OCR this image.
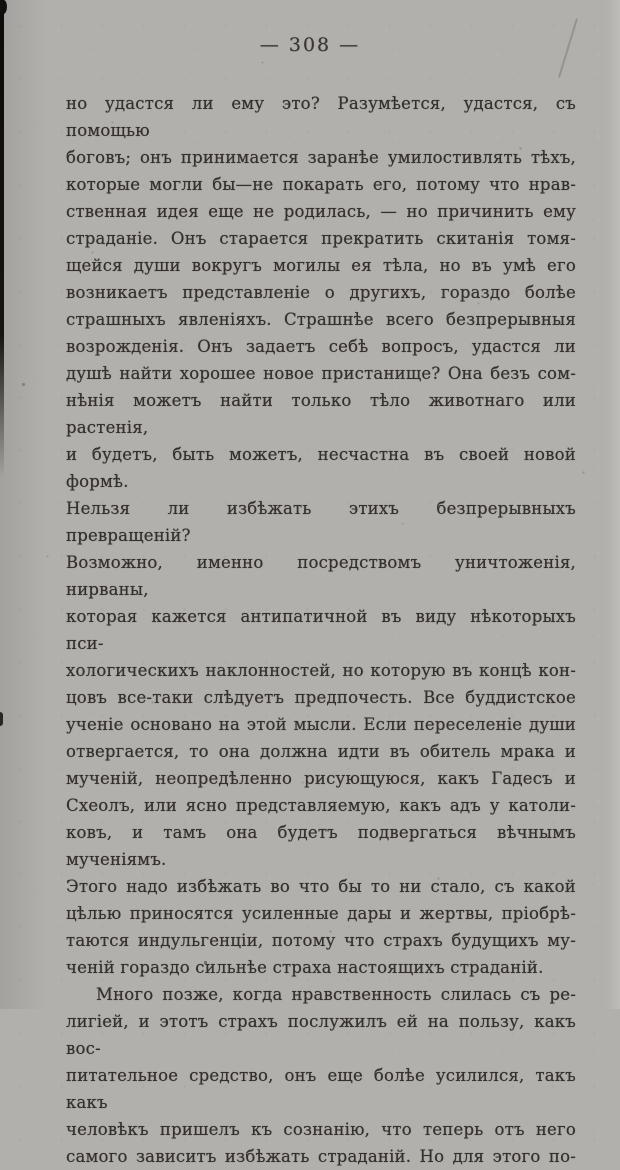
— 308 —
но удастся ли ему это? Разумѣется, удастся, съ помощью
боговъ; онъ принимается заранѣе умилостивлять тѣхъ,
которые могли бы—не покарать его, потому что нрав-
ственная идея еще не родилась, — но причинить ему
страданіе. Онъ старается прекратить скитанія томя-
щейся души вокругъ могилы ея тѣла, но въ умѣ его
возникаетъ представленіе о другихъ, гораздо болѣе
страшныхъ явленіяхъ. Страшнѣе всего безпрерывныя
возрожденія. Онъ задаетъ себѣ вопросъ, удастся ли
душѣ найти хорошее новое пристанище? Она безъ сом-
нѣнія можетъ найти только тѣло животнаго или растенія,
и будетъ, быть можетъ, несчастна въ своей новой формѣ.
Нельзя ли избѣжать этихъ безпрерывныхъ превращеній?
Возможно, именно посредствомъ уничтоженія, нирваны,
которая кажется антипатичной въ виду нѣкоторыхъ пси-
хологическихъ наклонностей, но которую въ концѣ кон-
цовъ все-таки слѣдуетъ предпочесть. Все буддистское
ученіе основано на этой мысли. Если переселеніе души
отвергается, то она должна идти въ обитель мрака и
мученій, неопредѣленно рисующуюся, какъ Гадесъ и
Схеолъ, или ясно представляемую, какъ адъ у католи-
ковъ, и тамъ она будетъ подвергаться вѣчнымъ мученіямъ.
Этого надо избѣжать во что бы то ни стало, съ какой
цѣлью приносятся усиленные дары и жертвы, пріобрѣ-
таются индульгенціи, потому что страхъ будущихъ му-
ченій гораздо сильнѣе страха настоящихъ страданій.
Много позже, когда нравственность слилась съ ре-
лигіей, и этотъ страхъ послужилъ ей на пользу, какъ вос-
питательное средство, онъ еще болѣе усилился, такъ какъ
человѣкъ пришелъ къ сознанію, что теперь отъ него
самого зависитъ избѣжать страданій. Но для этого по-
